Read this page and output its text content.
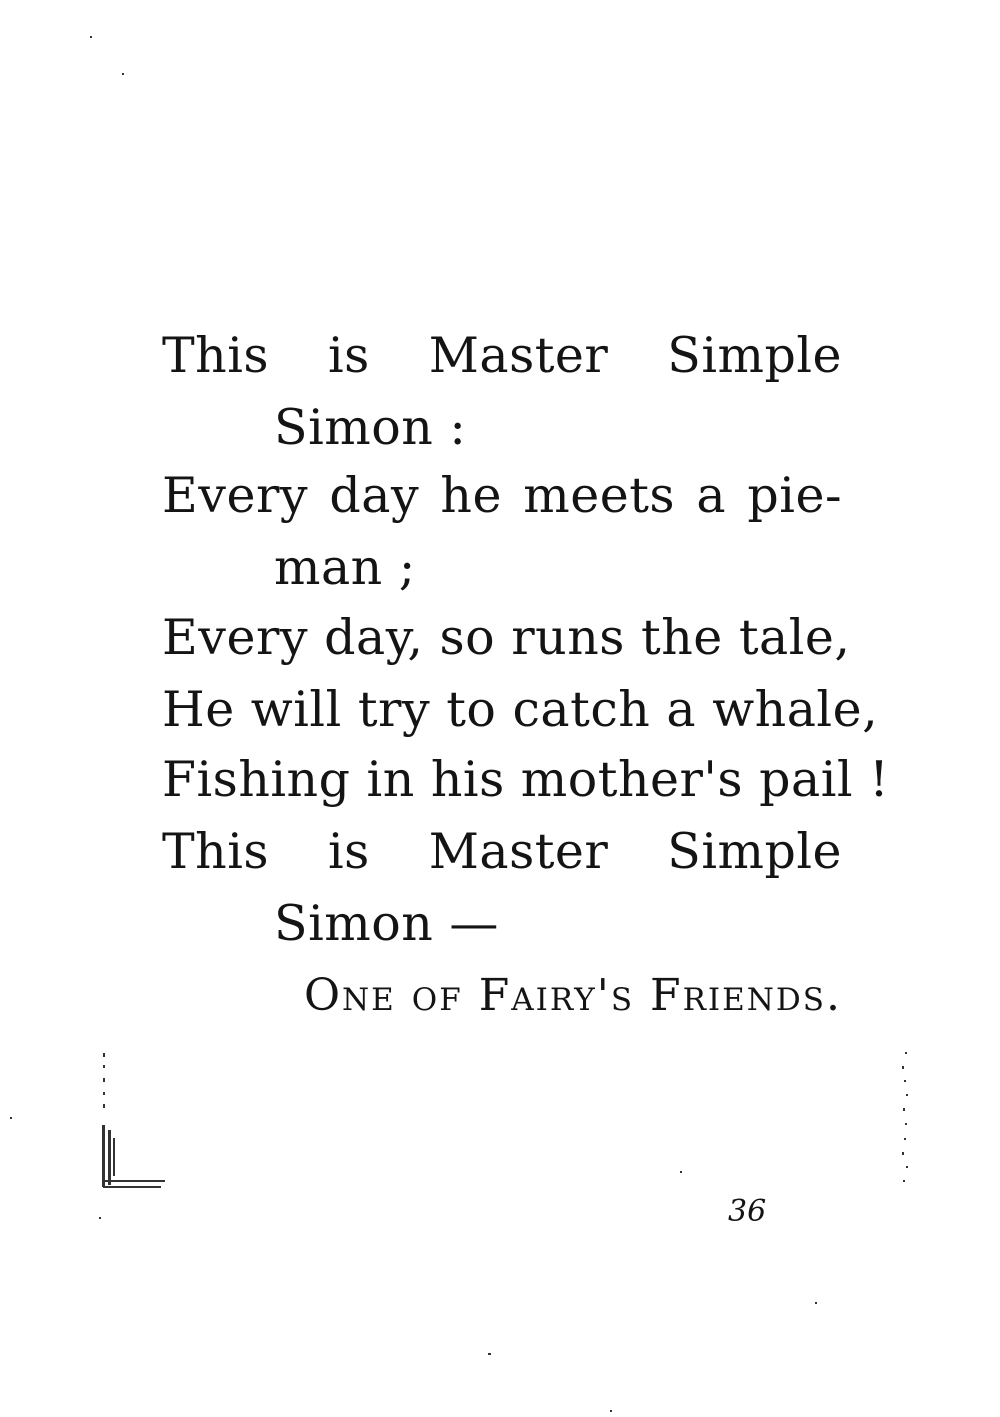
This is Master Simple
Simon :
Every day he meets a pie-
man ;
Every day, so runs the tale,
He will try to catch a whale,
Fishing in his mother's pail !
This is Master Simple
Simon —
One of Fairy's Friends.
36
